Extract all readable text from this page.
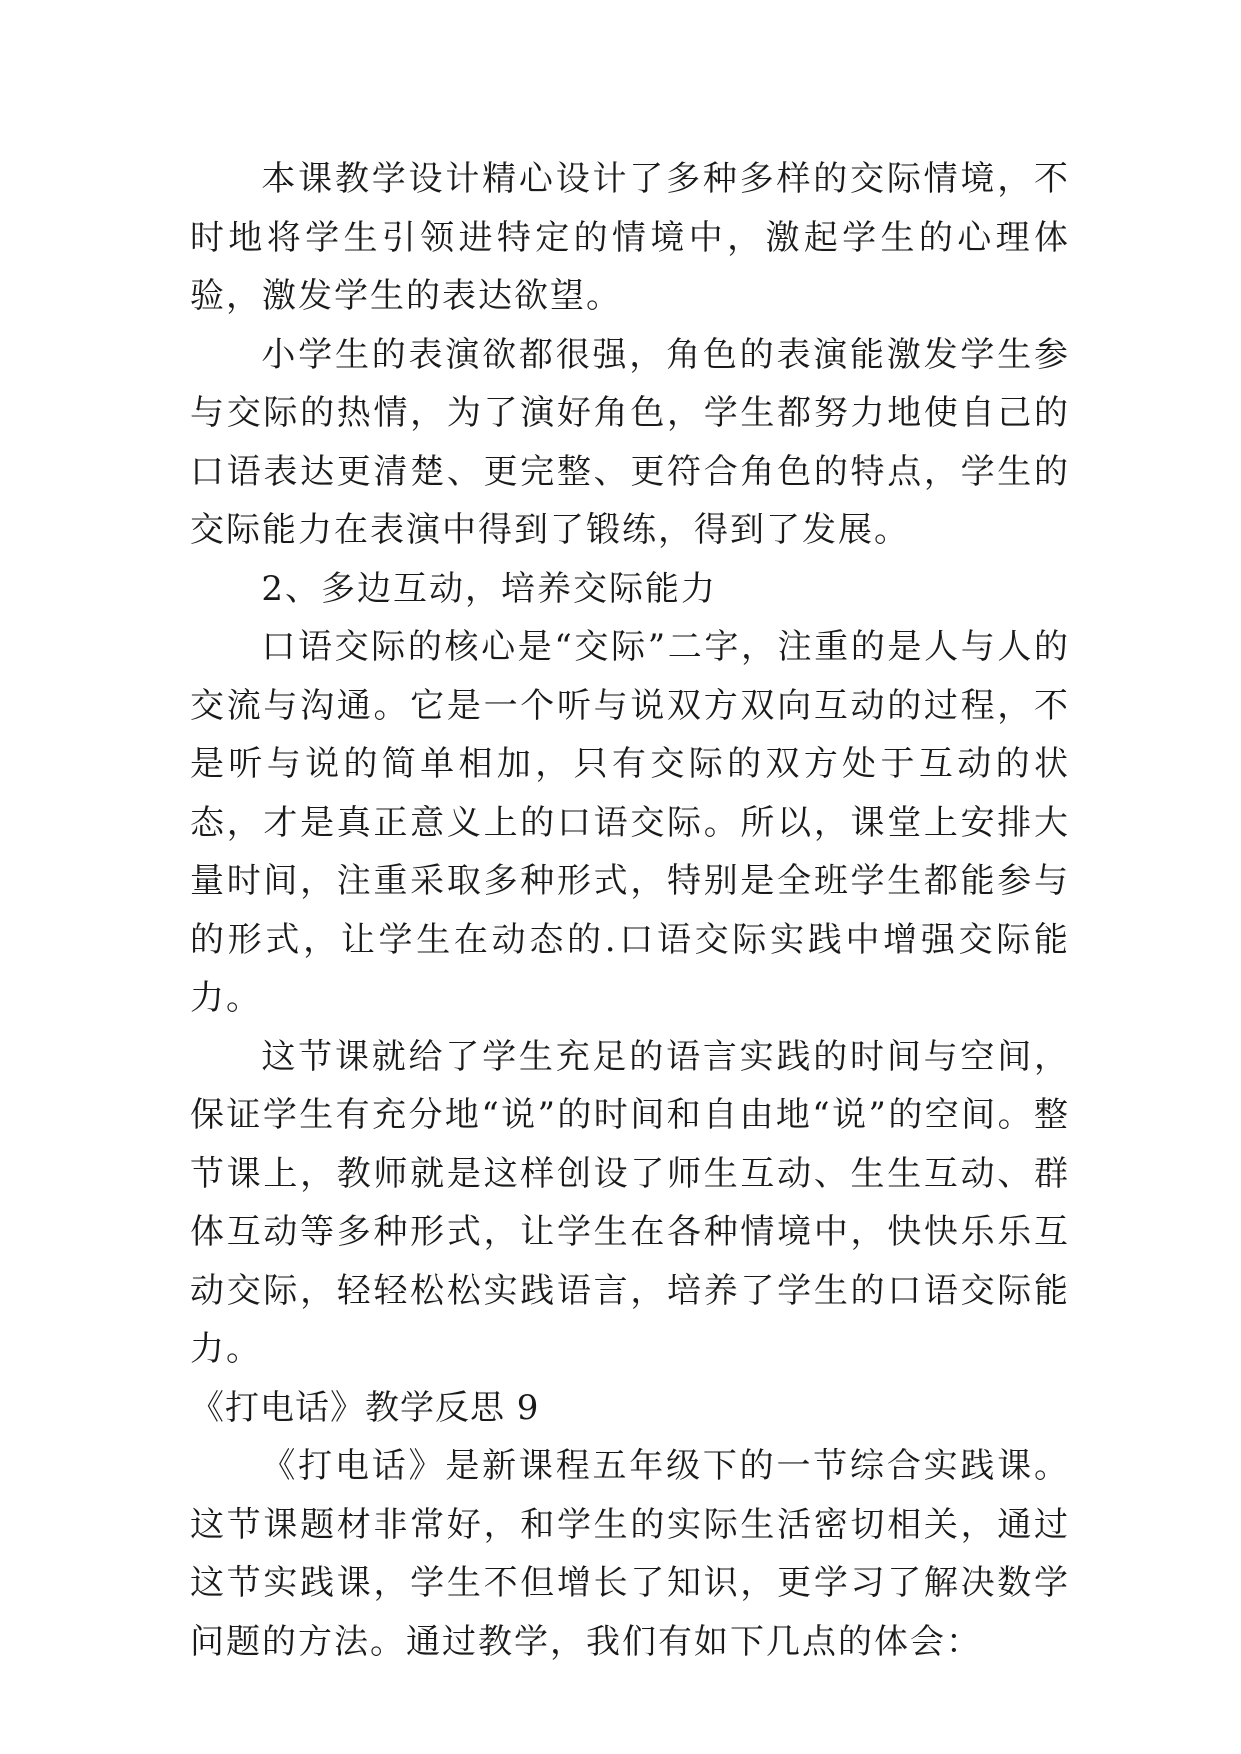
本课教学设计精心设计了多种多样的交际情境，不时地将学生引领进特定的情境中，激起学生的心理体验，激发学生的表达欲望。

小学生的表演欲都很强，角色的表演能激发学生参与交际的热情，为了演好角色，学生都努力地使自己的口语表达更清楚、更完整、更符合角色的特点，学生的交际能力在表演中得到了锻练，得到了发展。

2、多边互动，培养交际能力

口语交际的核心是“交际”二字，注重的是人与人的交流与沟通。它是一个听与说双方双向互动的过程，不是听与说的简单相加，只有交际的双方处于互动的状态，才是真正意义上的口语交际。所以，课堂上安排大量时间，注重采取多种形式，特别是全班学生都能参与的形式，让学生在动态的.口语交际实践中增强交际能力。

这节课就给了学生充足的语言实践的时间与空间，保证学生有充分地“说”的时间和自由地“说”的空间。整节课上，教师就是这样创设了师生互动、生生互动、群体互动等多种形式，让学生在各种情境中，快快乐乐互动交际，轻轻松松实践语言，培养了学生的口语交际能力。

《打电话》教学反思 9

《打电话》是新课程五年级下的一节综合实践课。这节课题材非常好，和学生的实际生活密切相关，通过这节实践课，学生不但增长了知识，更学习了解决数学问题的方法。通过教学，我们有如下几点的体会：
